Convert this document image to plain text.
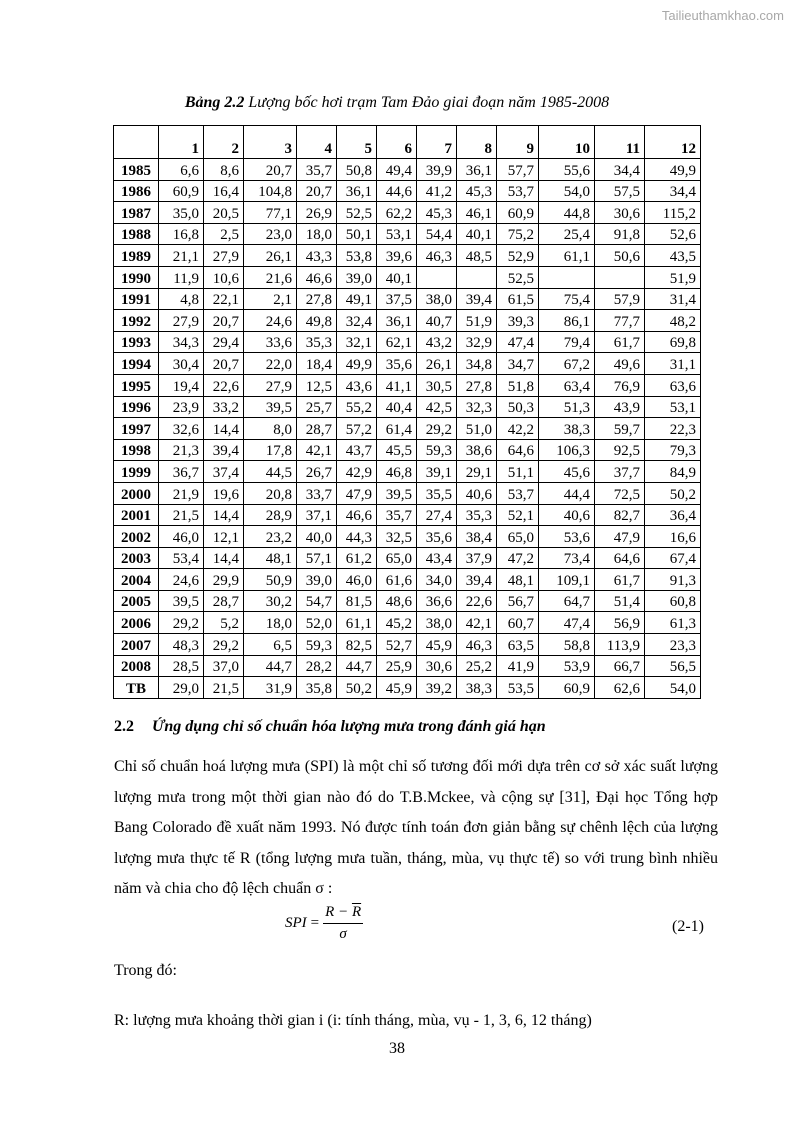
Tailieuthamkhao.com
Bảng 2.2 Lượng bốc hơi trạm Tam Đảo giai đoạn năm 1985-2008
	1	2	3	4	5	6	7	8	9	10	11	12
1985	6,6	8,6	20,7	35,7	50,8	49,4	39,9	36,1	57,7	55,6	34,4	49,9
1986	60,9	16,4	104,8	20,7	36,1	44,6	41,2	45,3	53,7	54,0	57,5	34,4
1987	35,0	20,5	77,1	26,9	52,5	62,2	45,3	46,1	60,9	44,8	30,6	115,2
1988	16,8	2,5	23,0	18,0	50,1	53,1	54,4	40,1	75,2	25,4	91,8	52,6
1989	21,1	27,9	26,1	43,3	53,8	39,6	46,3	48,5	52,9	61,1	50,6	43,5
1990	11,9	10,6	21,6	46,6	39,0	40,1			52,5			51,9
1991	4,8	22,1	2,1	27,8	49,1	37,5	38,0	39,4	61,5	75,4	57,9	31,4
1992	27,9	20,7	24,6	49,8	32,4	36,1	40,7	51,9	39,3	86,1	77,7	48,2
1993	34,3	29,4	33,6	35,3	32,1	62,1	43,2	32,9	47,4	79,4	61,7	69,8
1994	30,4	20,7	22,0	18,4	49,9	35,6	26,1	34,8	34,7	67,2	49,6	31,1
1995	19,4	22,6	27,9	12,5	43,6	41,1	30,5	27,8	51,8	63,4	76,9	63,6
1996	23,9	33,2	39,5	25,7	55,2	40,4	42,5	32,3	50,3	51,3	43,9	53,1
1997	32,6	14,4	8,0	28,7	57,2	61,4	29,2	51,0	42,2	38,3	59,7	22,3
1998	21,3	39,4	17,8	42,1	43,7	45,5	59,3	38,6	64,6	106,3	92,5	79,3
1999	36,7	37,4	44,5	26,7	42,9	46,8	39,1	29,1	51,1	45,6	37,7	84,9
2000	21,9	19,6	20,8	33,7	47,9	39,5	35,5	40,6	53,7	44,4	72,5	50,2
2001	21,5	14,4	28,9	37,1	46,6	35,7	27,4	35,3	52,1	40,6	82,7	36,4
2002	46,0	12,1	23,2	40,0	44,3	32,5	35,6	38,4	65,0	53,6	47,9	16,6
2003	53,4	14,4	48,1	57,1	61,2	65,0	43,4	37,9	47,2	73,4	64,6	67,4
2004	24,6	29,9	50,9	39,0	46,0	61,6	34,0	39,4	48,1	109,1	61,7	91,3
2005	39,5	28,7	30,2	54,7	81,5	48,6	36,6	22,6	56,7	64,7	51,4	60,8
2006	29,2	5,2	18,0	52,0	61,1	45,2	38,0	42,1	60,7	47,4	56,9	61,3
2007	48,3	29,2	6,5	59,3	82,5	52,7	45,9	46,3	63,5	58,8	113,9	23,3
2008	28,5	37,0	44,7	28,2	44,7	25,9	30,6	25,2	41,9	53,9	66,7	56,5
TB	29,0	21,5	31,9	35,8	50,2	45,9	39,2	38,3	53,5	60,9	62,6	54,0
2.2 Ứng dụng chỉ số chuẩn hóa lượng mưa trong đánh giá hạn
Chỉ số chuẩn hoá lượng mưa (SPI) là một chỉ số tương đối mới dựa trên cơ sở xác suất lượng lượng mưa trong một thời gian nào đó do T.B.Mckee, và cộng sự [31], Đại học Tổng hợp Bang Colorado đề xuất năm 1993. Nó được tính toán đơn giản bằng sự chênh lệch của lượng lượng mưa thực tế R (tổng lượng mưa tuần, tháng, mùa, vụ thực tế) so với trung bình nhiều năm và chia cho độ lệch chuẩn σ :
SPI = $\frac{R - \overline{R}}{\sigma}$	(2-1)
Trong đó:
R: lượng mưa khoảng thời gian i (i: tính tháng, mùa, vụ - 1, 3, 6, 12 tháng)
38
